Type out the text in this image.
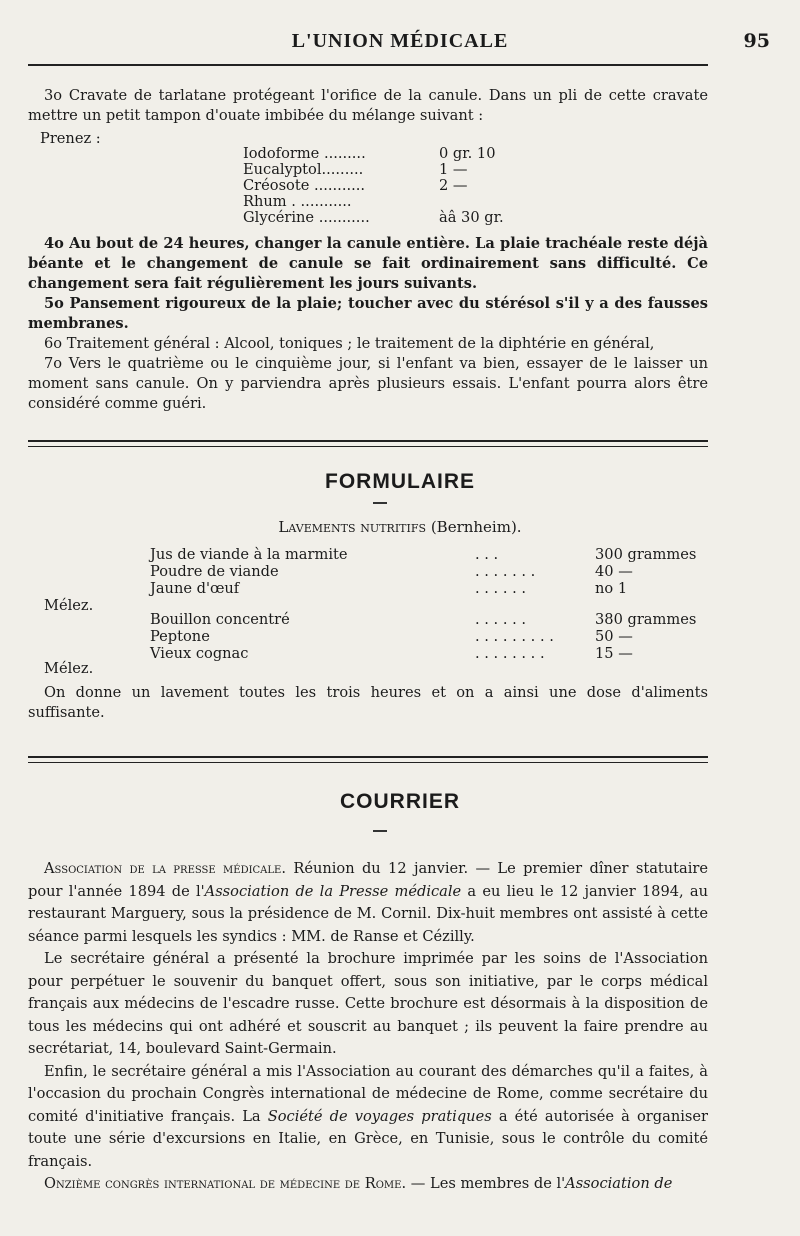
L'UNION MÉDICALE	95

3o Cravate de tarlatane protégeant l'orifice de la canule. Dans un pli de cette cravate mettre un petit tampon d'ouate imbibée du mélange suivant :

Prenez :
Iodoforme .........	0 gr. 10
Eucalyptol.........	1 —
Créosote ...........	2 —
Rhum . ...........
Glycérine ...........	àâ 30 gr.

4o Au bout de 24 heures, changer la canule entière. La plaie trachéale reste déjà béante et le changement de canule se fait ordinairement sans difficulté. Ce changement sera fait régulièrement les jours suivants.

5o Pansement rigoureux de la plaie; toucher avec du stérésol s'il y a des fausses membranes.

6o Traitement général : Alcool, toniques ; le traitement de la diphtérie en général,

7o Vers le quatrième ou le cinquième jour, si l'enfant va bien, essayer de le laisser un moment sans canule. On y parviendra après plusieurs essais. L'enfant pourra alors être considéré comme guéri.

FORMULAIRE
Lavements nutritifs (Bernheim).
Jus de viande à la marmite	. . .	300 grammes
Poudre de viande	. . . . . . .	40 —
Jaune d'œuf	. . . . . .	no 1
Mélez.
Bouillon concentré	. . . . . .	380 grammes
Peptone	. . . . . . . . .	50 —
Vieux cognac	. . . . . . . .	15 —
Mélez.

On donne un lavement toutes les trois heures et on a ainsi une dose d'aliments suffisante.

COURRIER

Association de la presse médicale. Réunion du 12 janvier. — Le premier dîner statutaire pour l'année 1894 de l'Association de la Presse médicale a eu lieu le 12 janvier 1894, au restaurant Marguery, sous la présidence de M. Cornil. Dix-huit membres ont assisté à cette séance parmi lesquels les syndics : MM. de Ranse et Cézilly.

Le secrétaire général a présenté la brochure imprimée par les soins de l'Association pour perpétuer le souvenir du banquet offert, sous son initiative, par le corps médical français aux médecins de l'escadre russe. Cette brochure est désormais à la disposition de tous les médecins qui ont adhéré et souscrit au banquet ; ils peuvent la faire prendre au secrétariat, 14, boulevard Saint-Germain.

Enfin, le secrétaire général a mis l'Association au courant des démarches qu'il a faites, à l'occasion du prochain Congrès international de médecine de Rome, comme secrétaire du comité d'initiative français. La Société de voyages pratiques a été autorisée à organiser toute une série d'excursions en Italie, en Grèce, en Tunisie, sous le contrôle du comité français.

Onzième congrès international de médecine de Rome. — Les membres de l'Association de
